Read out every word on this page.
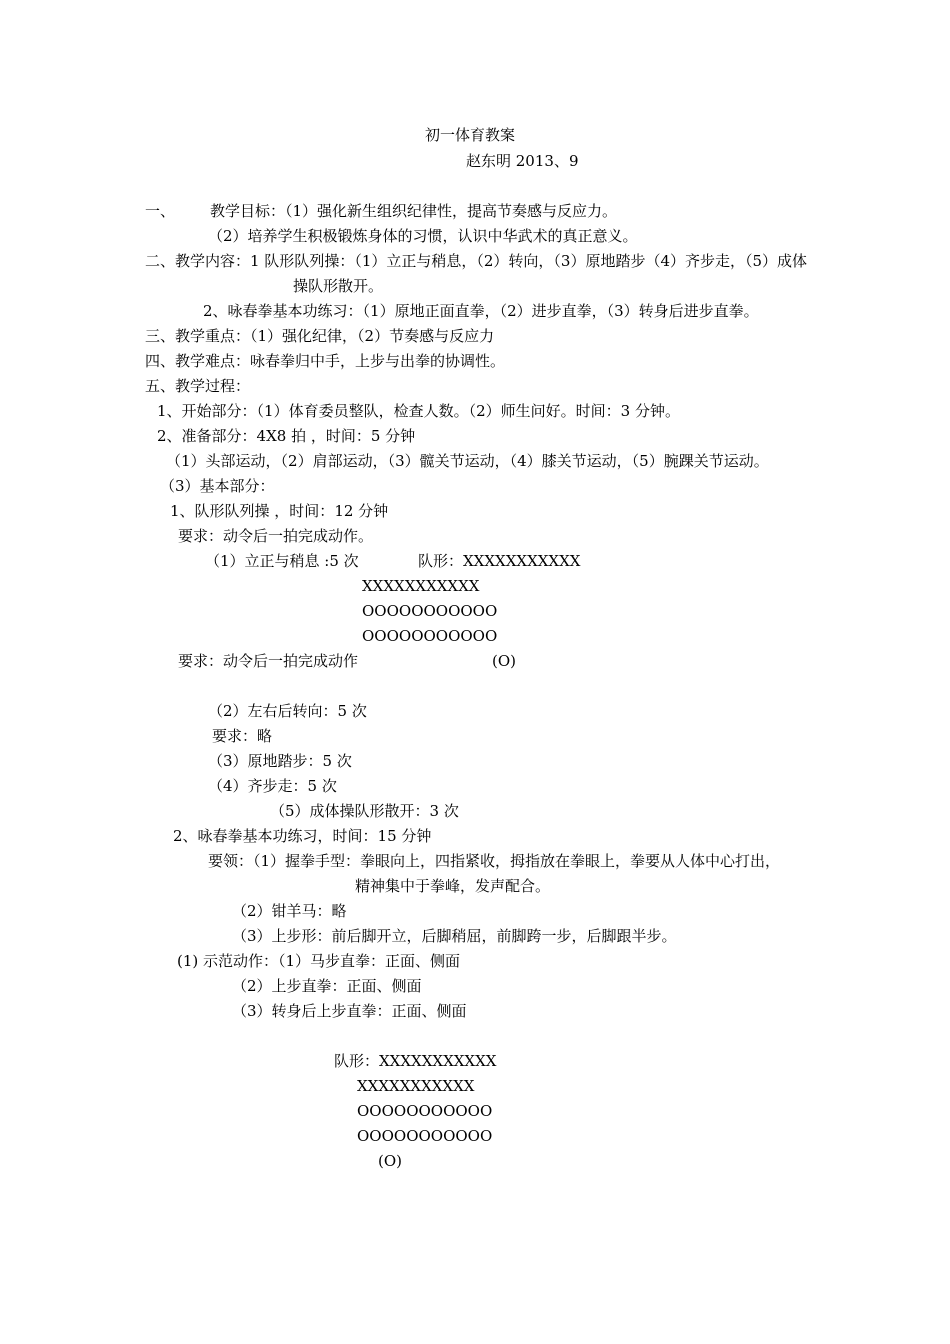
初一体育教案
赵东明 2013、9
一、 教学目标：（1）强化新生组织纪律性，提高节奏感与反应力。
（2）培养学生积极锻炼身体的习惯，认识中华武术的真正意义。
二、教学内容：1 队形队列操：（1）立正与稍息，（2）转向，（3）原地踏步（4）齐步走，（5）成体
操队形散开。
2、咏春拳基本功练习：（1）原地正面直拳，（2）进步直拳，（3）转身后进步直拳。
三、教学重点：（1）强化纪律，（2）节奏感与反应力
四、教学难点：咏春拳归中手，上步与出拳的协调性。
五、教学过程：
1、开始部分：（1）体育委员整队，检查人数。（2）师生问好。时间：3 分钟。
2、准备部分：4X8 拍 ，时间：5 分钟
（1）头部运动，（2）肩部运动，（3）髋关节运动，（4）膝关节运动，（5）腕踝关节运动。
（3）基本部分：
1、队形队列操 ，时间：12 分钟
要求：动令后一拍完成动作。
（1）立正与稍息 :5 次	队形：XXXXXXXXXXX
XXXXXXXXXXX
OOOOOOOOOOO
OOOOOOOOOOO
(O)
要求：动令后一拍完成动作
（2）左右后转向：5 次
要求：略
（3）原地踏步：5 次
（4）齐步走：5 次
（5）成体操队形散开：3 次
2、咏春拳基本功练习，时间：15 分钟
要领：（1）握拳手型：拳眼向上，四指紧收，拇指放在拳眼上，拳要从人体中心打出，
精神集中于拳峰，发声配合。
（2）钳羊马：略
（3）上步形：前后脚开立，后脚稍屈，前脚跨一步，后脚跟半步。
(1) 示范动作：（1）马步直拳：正面、侧面
（2）上步直拳：正面、侧面
（3）转身后上步直拳：正面、侧面
队形：XXXXXXXXXXX
XXXXXXXXXXX
OOOOOOOOOOO
OOOOOOOOOOO
(O)
